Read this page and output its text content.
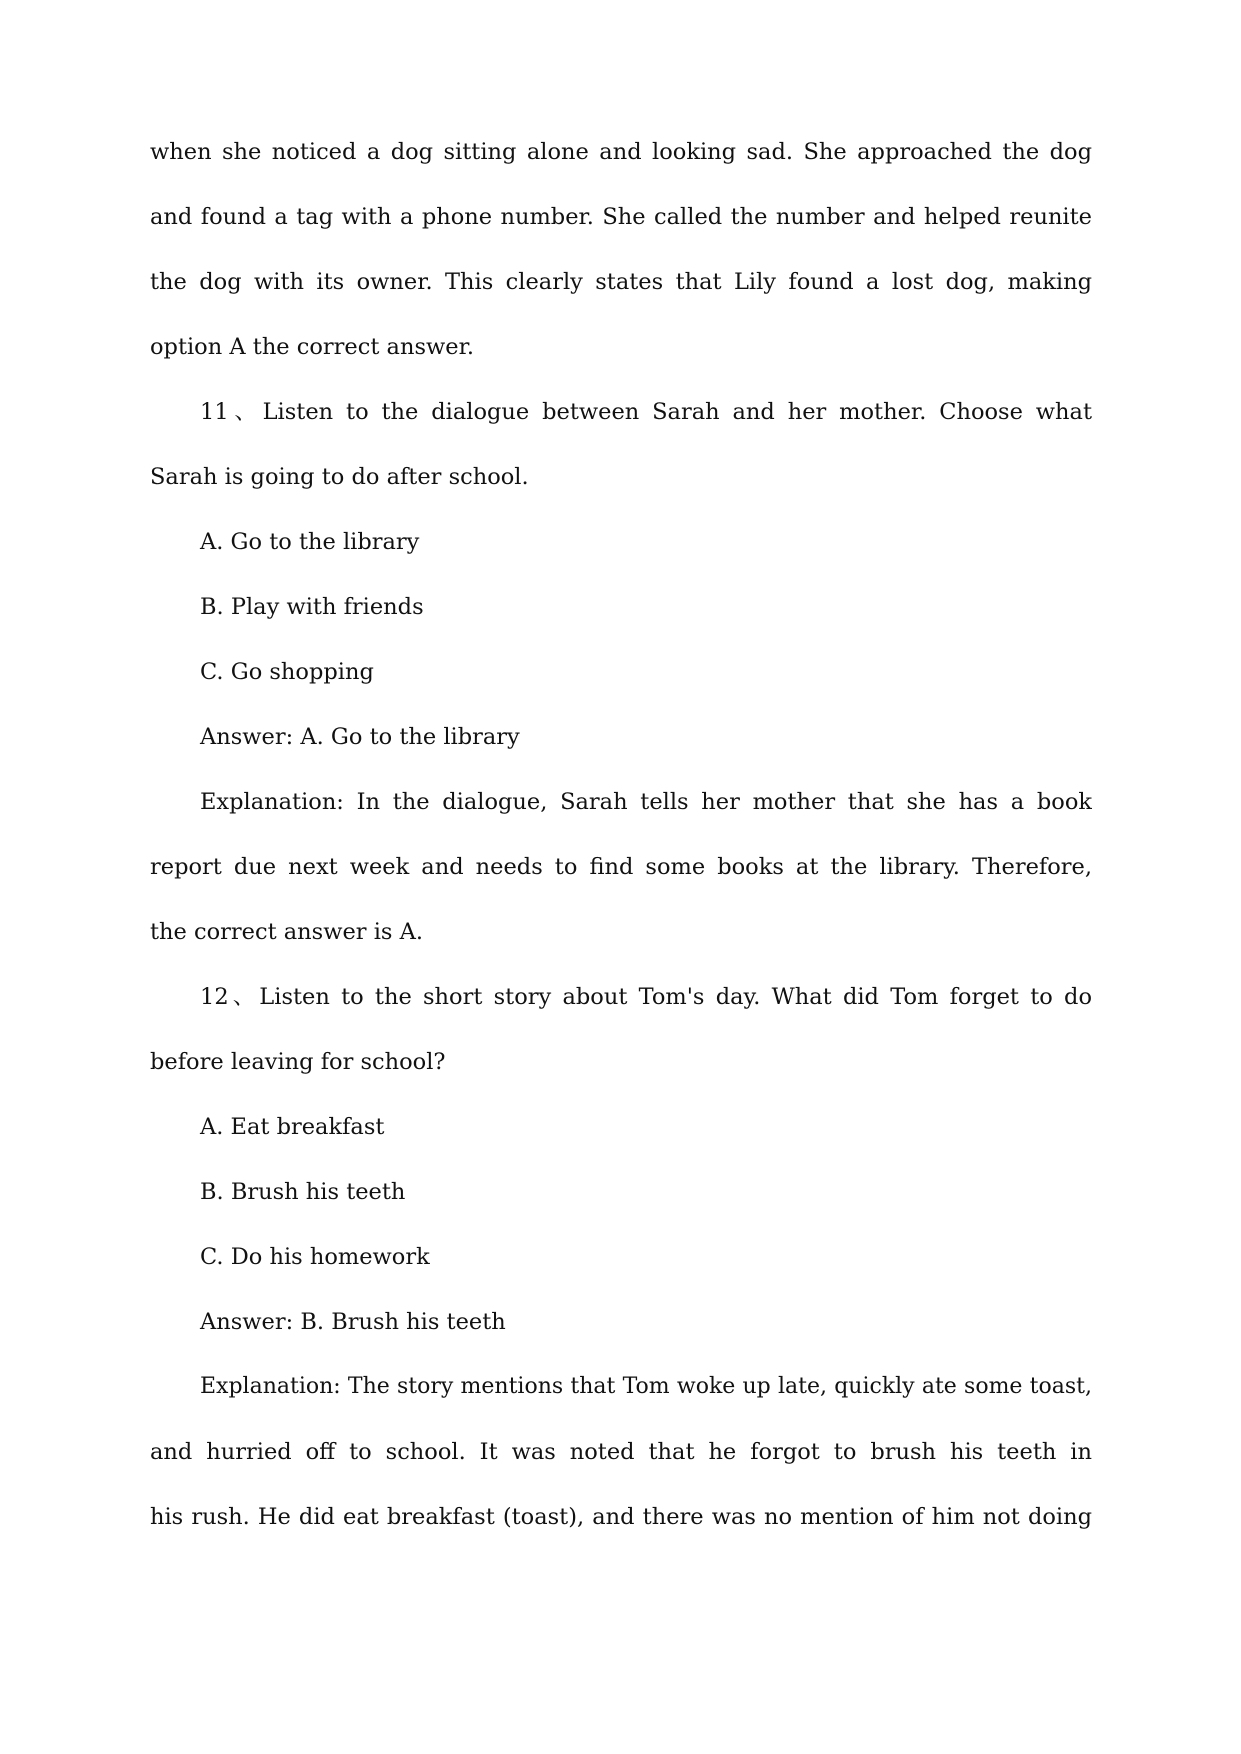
when she noticed a dog sitting alone and looking sad. She approached the dog
and found a tag with a phone number. She called the number and helped reunite
the dog with its owner. This clearly states that Lily found a lost dog, making
option A the correct answer.
11、Listen to the dialogue between Sarah and her mother. Choose what
Sarah is going to do after school.
A. Go to the library
B. Play with friends
C. Go shopping
Answer: A. Go to the library
Explanation: In the dialogue, Sarah tells her mother that she has a book
report due next week and needs to find some books at the library. Therefore,
the correct answer is A.
12、Listen to the short story about Tom's day. What did Tom forget to do
before leaving for school?
A. Eat breakfast
B. Brush his teeth
C. Do his homework
Answer: B. Brush his teeth
Explanation: The story mentions that Tom woke up late, quickly ate some toast,
and hurried off to school. It was noted that he forgot to brush his teeth in
his rush. He did eat breakfast (toast), and there was no mention of him not doing
